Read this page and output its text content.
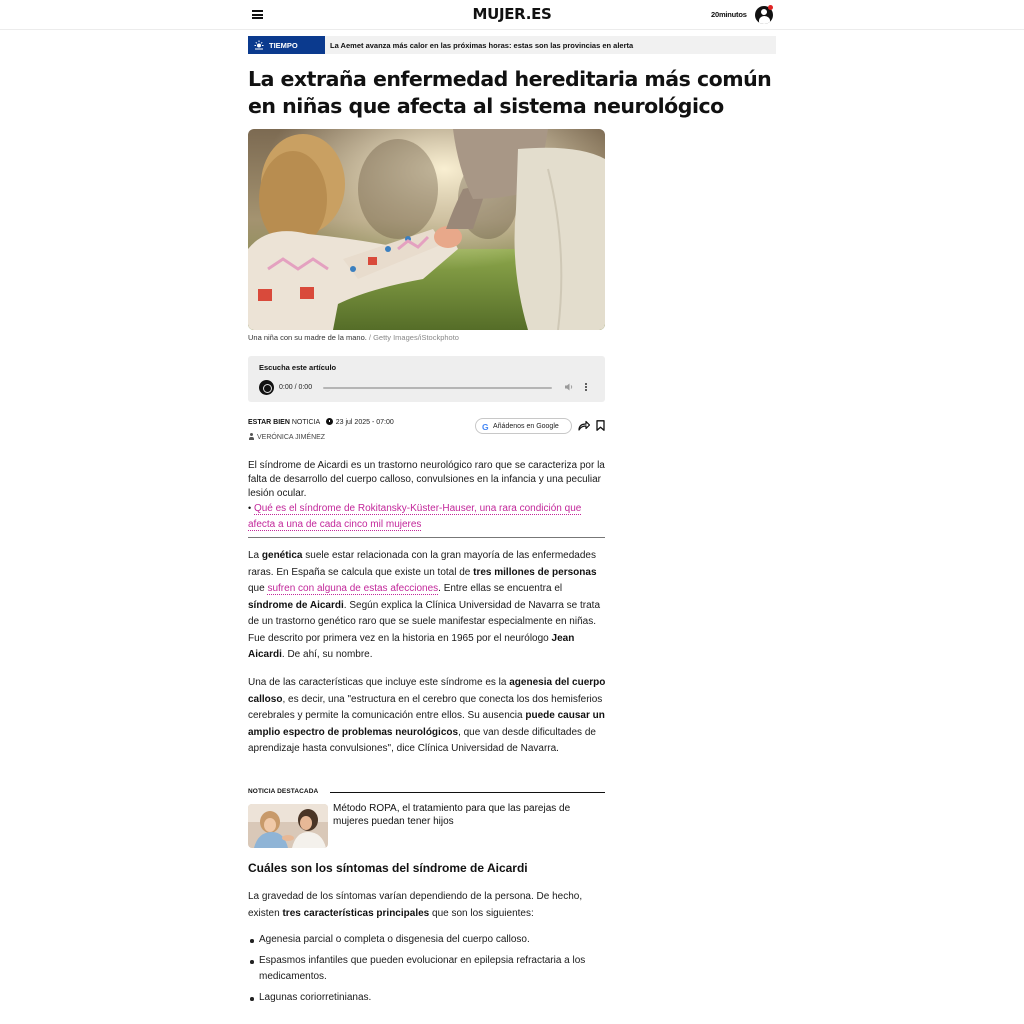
MUJER.ES	20minutos
TIEMPO	La Aemet avanza más calor en las próximas horas: estas son las provincias en alerta
La extraña enfermedad hereditaria más común en niñas que afecta al sistema neurológico
Una niña con su madre de la mano. / Getty Images/iStockphoto
Escucha este artículo
0:00 / 0:00
ESTAR BIEN NOTICIA 23 jul 2025 - 07:00
VERÓNICA JIMÉNEZ
G Añádenos en Google

El síndrome de Aicardi es un trastorno neurológico raro que se caracteriza por la falta de desarrollo del cuerpo calloso, convulsiones en la infancia y una peculiar lesión ocular.

• Qué es el síndrome de Rokitansky-Küster-Hauser, una rara condición que afecta a una de cada cinco mil mujeres

La genética suele estar relacionada con la gran mayoría de las enfermedades raras. En España se calcula que existe un total de tres millones de personas que sufren con alguna de estas afecciones. Entre ellas se encuentra el síndrome de Aicardi. Según explica la Clínica Universidad de Navarra se trata de un trastorno genético raro que se suele manifestar especialmente en niñas. Fue descrito por primera vez en la historia en 1965 por el neurólogo Jean Aicardi. De ahí, su nombre.

Una de las características que incluye este síndrome es la agenesia del cuerpo calloso, es decir, una "estructura en el cerebro que conecta los dos hemisferios cerebrales y permite la comunicación entre ellos. Su ausencia puede causar un amplio espectro de problemas neurológicos, que van desde dificultades de aprendizaje hasta convulsiones", dice Clínica Universidad de Navarra.

NOTICIA DESTACADA
Método ROPA, el tratamiento para que las parejas de mujeres puedan tener hijos
Cuáles son los síntomas del síndrome de Aicardi

La gravedad de los síntomas varían dependiendo de la persona. De hecho, existen tres características principales que son los siguientes:

Agenesia parcial o completa o disgenesia del cuerpo calloso.
Espasmos infantiles que pueden evolucionar en epilepsia refractaria a los medicamentos.
Lagunas coriorretinianas.
